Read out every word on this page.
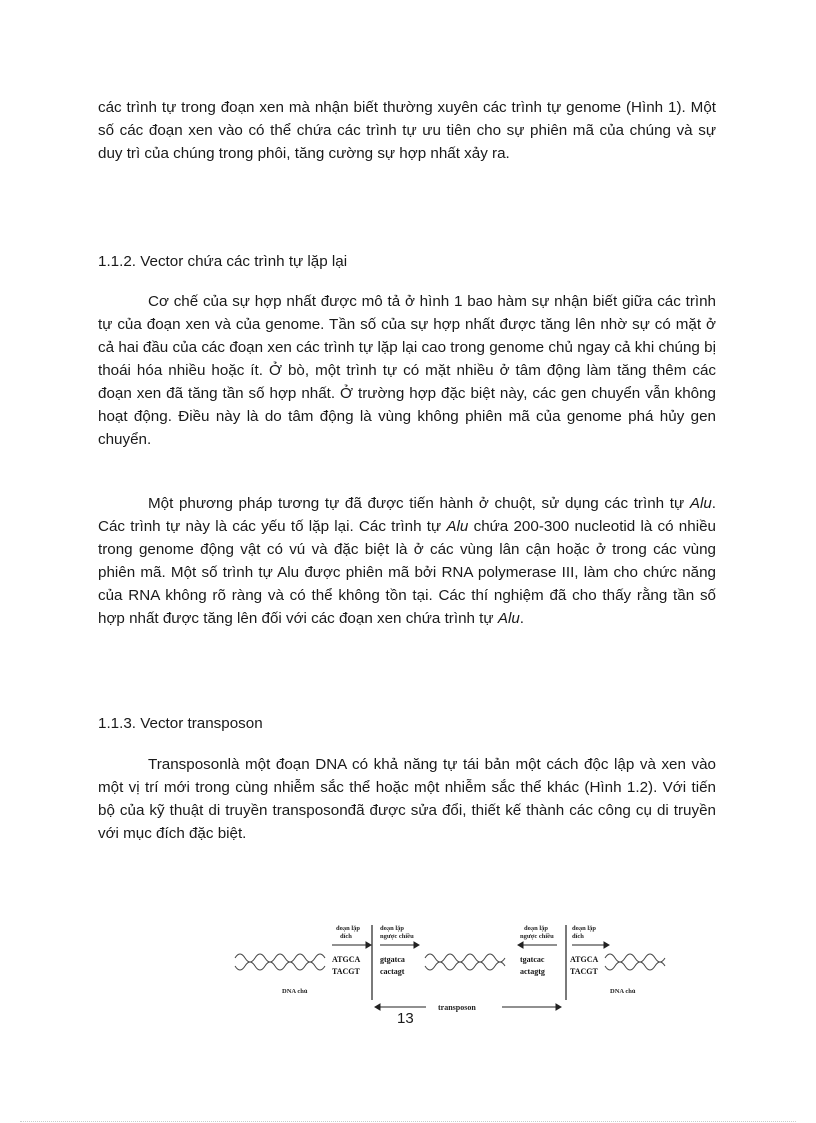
các trình tự trong đoạn xen mà nhận biết thường xuyên các trình tự genome (Hình 1). Một số các đoạn xen vào có thể chứa các trình tự ưu tiên cho sự phiên mã của chúng và sự duy trì của chúng trong phôi, tăng cường sự hợp nhất xảy ra.

1.1.2. Vector chứa các trình tự lặp lại

Cơ chế của sự hợp nhất được mô tả ở hình 1 bao hàm sự nhận biết giữa các trình tự của đoạn xen và của genome. Tần số của sự hợp nhất được tăng lên nhờ sự có mặt ở cả hai đầu của các đoạn xen các trình tự lặp lại cao trong genome chủ ngay cả khi chúng bị thoái hóa nhiều hoặc ít. Ở bò, một trình tự có mặt nhiều ở tâm động làm tăng thêm các đoạn xen đã tăng tần số hợp nhất. Ở trường hợp đặc biệt này, các gen chuyển vẫn không hoạt động. Điều này là do tâm động là vùng không phiên mã của genome phá hủy gen chuyển.

Một phương pháp tương tự đã được tiến hành ở chuột, sử dụng các trình tự Alu. Các trình tự này là các yếu tố lặp lại. Các trình tự Alu chứa 200-300 nucleotid là có nhiều trong genome động vật có vú và đặc biệt là ở các vùng lân cận hoặc ở trong các vùng phiên mã. Một số trình tự Alu được phiên mã bởi RNA polymerase III, làm cho chức năng của RNA không rõ ràng và có thể không tồn tại. Các thí nghiệm đã cho thấy rằng tần số hợp nhất được tăng lên đối với các đoạn xen chứa trình tự Alu.

1.1.3. Vector transposon

Transposonlà một đoạn DNA có khả năng tự tái bản một cách độc lập và xen vào một vị trí mới trong cùng nhiễm sắc thể hoặc một nhiễm sắc thể khác (Hình 1.2). Với tiến bộ của kỹ thuật di truyền transposonđã được sửa đổi, thiết kế thành các công cụ di truyền với mục đích đặc biệt.

đoạn lặp
đích
đoạn lặp
ngược chiều
đoạn lặp
ngược chiều
đoạn lặp
đích
ATGCA
TACGT
gtgatca
cactagt
tgatcac
actagtg
ATGCA
TACGT
DNA chủ	DNA chủ
transposon
13
